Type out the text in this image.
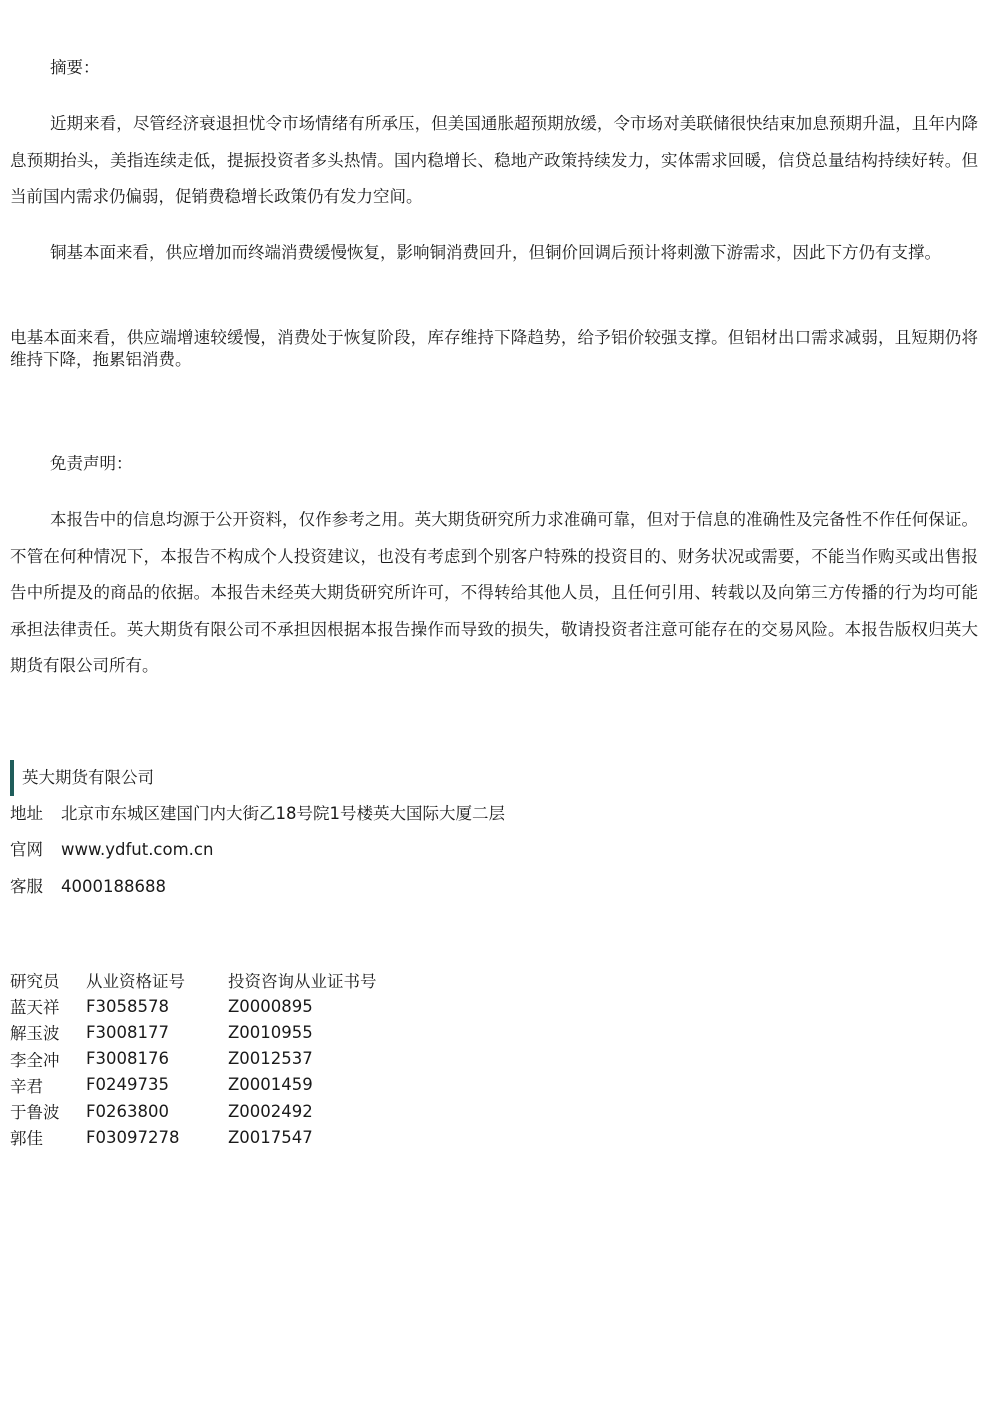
摘要：

近期来看，尽管经济衰退担忧令市场情绪有所承压，但美国通胀超预期放缓，令市场对美联储很快结束加息预期升温，且年内降息预期抬头，美指连续走低，提振投资者多头热情。国内稳增长、稳地产政策持续发力，实体需求回暖，信贷总量结构持续好转。但当前国内需求仍偏弱，促销费稳增长政策仍有发力空间。

铜基本面来看，供应增加而终端消费缓慢恢复，影响铜消费回升，但铜价回调后预计将刺激下游需求，因此下方仍有支撑。

电基本面来看，供应端增速较缓慢，消费处于恢复阶段，库存维持下降趋势，给予铝价较强支撑。但铝材出口需求减弱，且短期仍将维持下降，拖累铝消费。

免责声明：

本报告中的信息均源于公开资料，仅作参考之用。英大期货研究所力求准确可靠，但对于信息的准确性及完备性不作任何保证。不管在何种情况下，本报告不构成个人投资建议，也没有考虑到个别客户特殊的投资目的、财务状况或需要，不能当作购买或出售报告中所提及的商品的依据。本报告未经英大期货研究所许可，不得转给其他人员，且任何引用、转载以及向第三方传播的行为均可能承担法律责任。英大期货有限公司不承担因根据本报告操作而导致的损失，敬请投资者注意可能存在的交易风险。本报告版权归英大期货有限公司所有。

英大期货有限公司
地址 北京市东城区建国门内大街乙18号院1号楼英大国际大厦二层
官网 www.ydfut.com.cn
客服 4000188688
研究员	从业资格证号	投资咨询从业证书号
蓝天祥	F3058578	Z0000895
解玉波	F3008177	Z0010955
李全冲	F3008176	Z0012537
辛君	F0249735	Z0001459
于鲁波	F0263800	Z0002492
郭佳	F03097278	Z0017547
